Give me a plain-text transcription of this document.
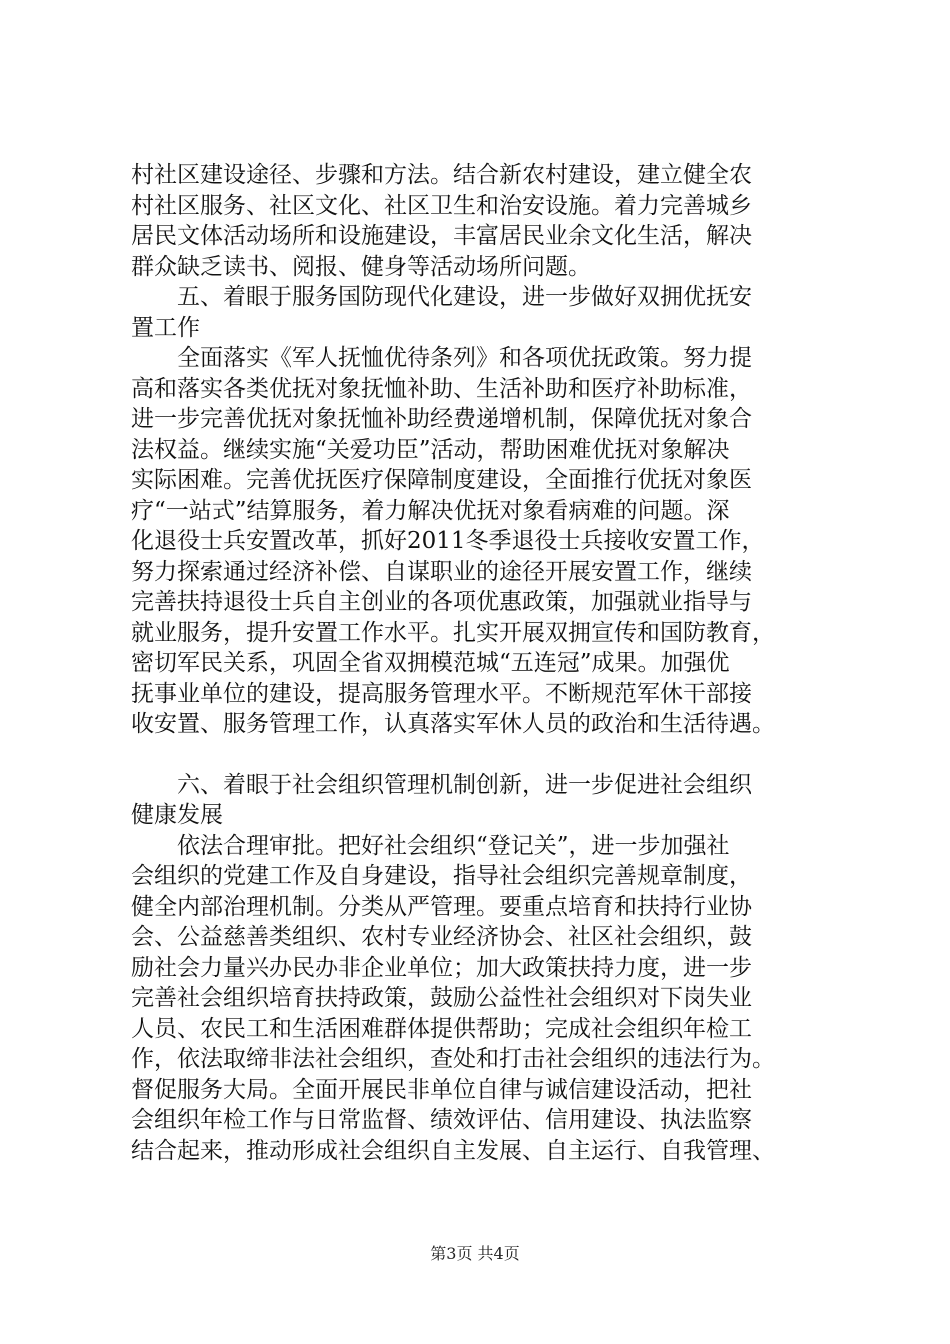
村社区建设途径、步骤和方法。结合新农村建设，建立健全农
村社区服务、社区文化、社区卫生和治安设施。着力完善城乡
居民文体活动场所和设施建设，丰富居民业余文化生活，解决
群众缺乏读书、阅报、健身等活动场所问题。
五、着眼于服务国防现代化建设，进一步做好双拥优抚安
置工作
全面落实《军人抚恤优待条列》和各项优抚政策。努力提
高和落实各类优抚对象抚恤补助、生活补助和医疗补助标准，
进一步完善优抚对象抚恤补助经费递增机制，保障优抚对象合
法权益。继续实施“关爱功臣”活动，帮助困难优抚对象解决
实际困难。完善优抚医疗保障制度建设，全面推行优抚对象医
疗“一站式”结算服务，着力解决优抚对象看病难的问题。深
化退役士兵安置改革，抓好2011冬季退役士兵接收安置工作，
努力探索通过经济补偿、自谋职业的途径开展安置工作，继续
完善扶持退役士兵自主创业的各项优惠政策，加强就业指导与
就业服务，提升安置工作水平。扎实开展双拥宣传和国防教育，
密切军民关系，巩固全省双拥模范城“五连冠”成果。加强优
抚事业单位的建设，提高服务管理水平。不断规范军休干部接
收安置、服务管理工作，认真落实军休人员的政治和生活待遇。
六、着眼于社会组织管理机制创新，进一步促进社会组织
健康发展
依法合理审批。把好社会组织“登记关”，进一步加强社
会组织的党建工作及自身建设，指导社会组织完善规章制度，
健全内部治理机制。分类从严管理。要重点培育和扶持行业协
会、公益慈善类组织、农村专业经济协会、社区社会组织，鼓
励社会力量兴办民办非企业单位；加大政策扶持力度，进一步
完善社会组织培育扶持政策，鼓励公益性社会组织对下岗失业
人员、农民工和生活困难群体提供帮助；完成社会组织年检工
作，依法取缔非法社会组织，查处和打击社会组织的违法行为。
督促服务大局。全面开展民非单位自律与诚信建设活动，把社
会组织年检工作与日常监督、绩效评估、信用建设、执法监察
结合起来，推动形成社会组织自主发展、自主运行、自我管理、
第3页 共4页
